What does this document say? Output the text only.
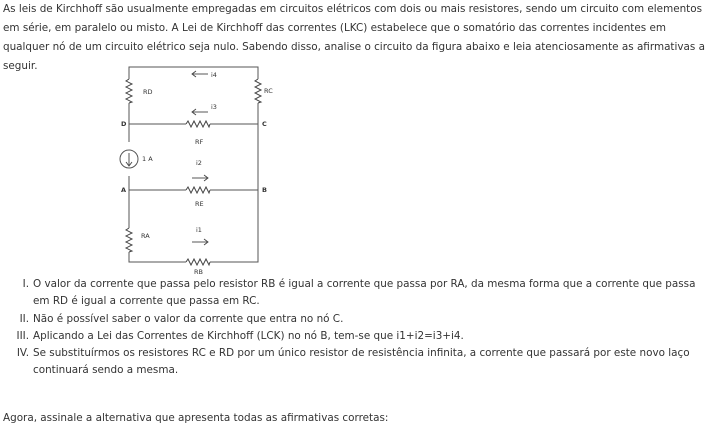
As leis de Kirchhoff são usualmente empregadas em circuitos elétricos com dois ou mais resistores, sendo um circuito com elementos em série, em paralelo ou misto. A Lei de Kirchhoff das correntes (LKC) estabelece que o somatório das correntes incidentes em qualquer nó de um circuito elétrico seja nulo. Sabendo disso, analise o circuito da figura abaixo e leia atenciosamente as afirmativas a seguir.

i4
i3
i2
i1
RD	RC
RF
RE
RA
RB
1 A
D	C
A	B
I. O valor da corrente que passa pelo resistor RB é igual a corrente que passa por RA, da mesma forma que a corrente que passa em RD é igual a corrente que passa em RC.
II. Não é possível saber o valor da corrente que entra no nó C.
III. Aplicando a Lei das Correntes de Kirchhoff (LCK) no nó B, tem-se que i1+i2=i3+i4.
IV. Se substituírmos os resistores RC e RD por um único resistor de resistência infinita, a corrente que passará por este novo laço continuará sendo a mesma.

Agora, assinale a alternativa que apresenta todas as afirmativas corretas:
